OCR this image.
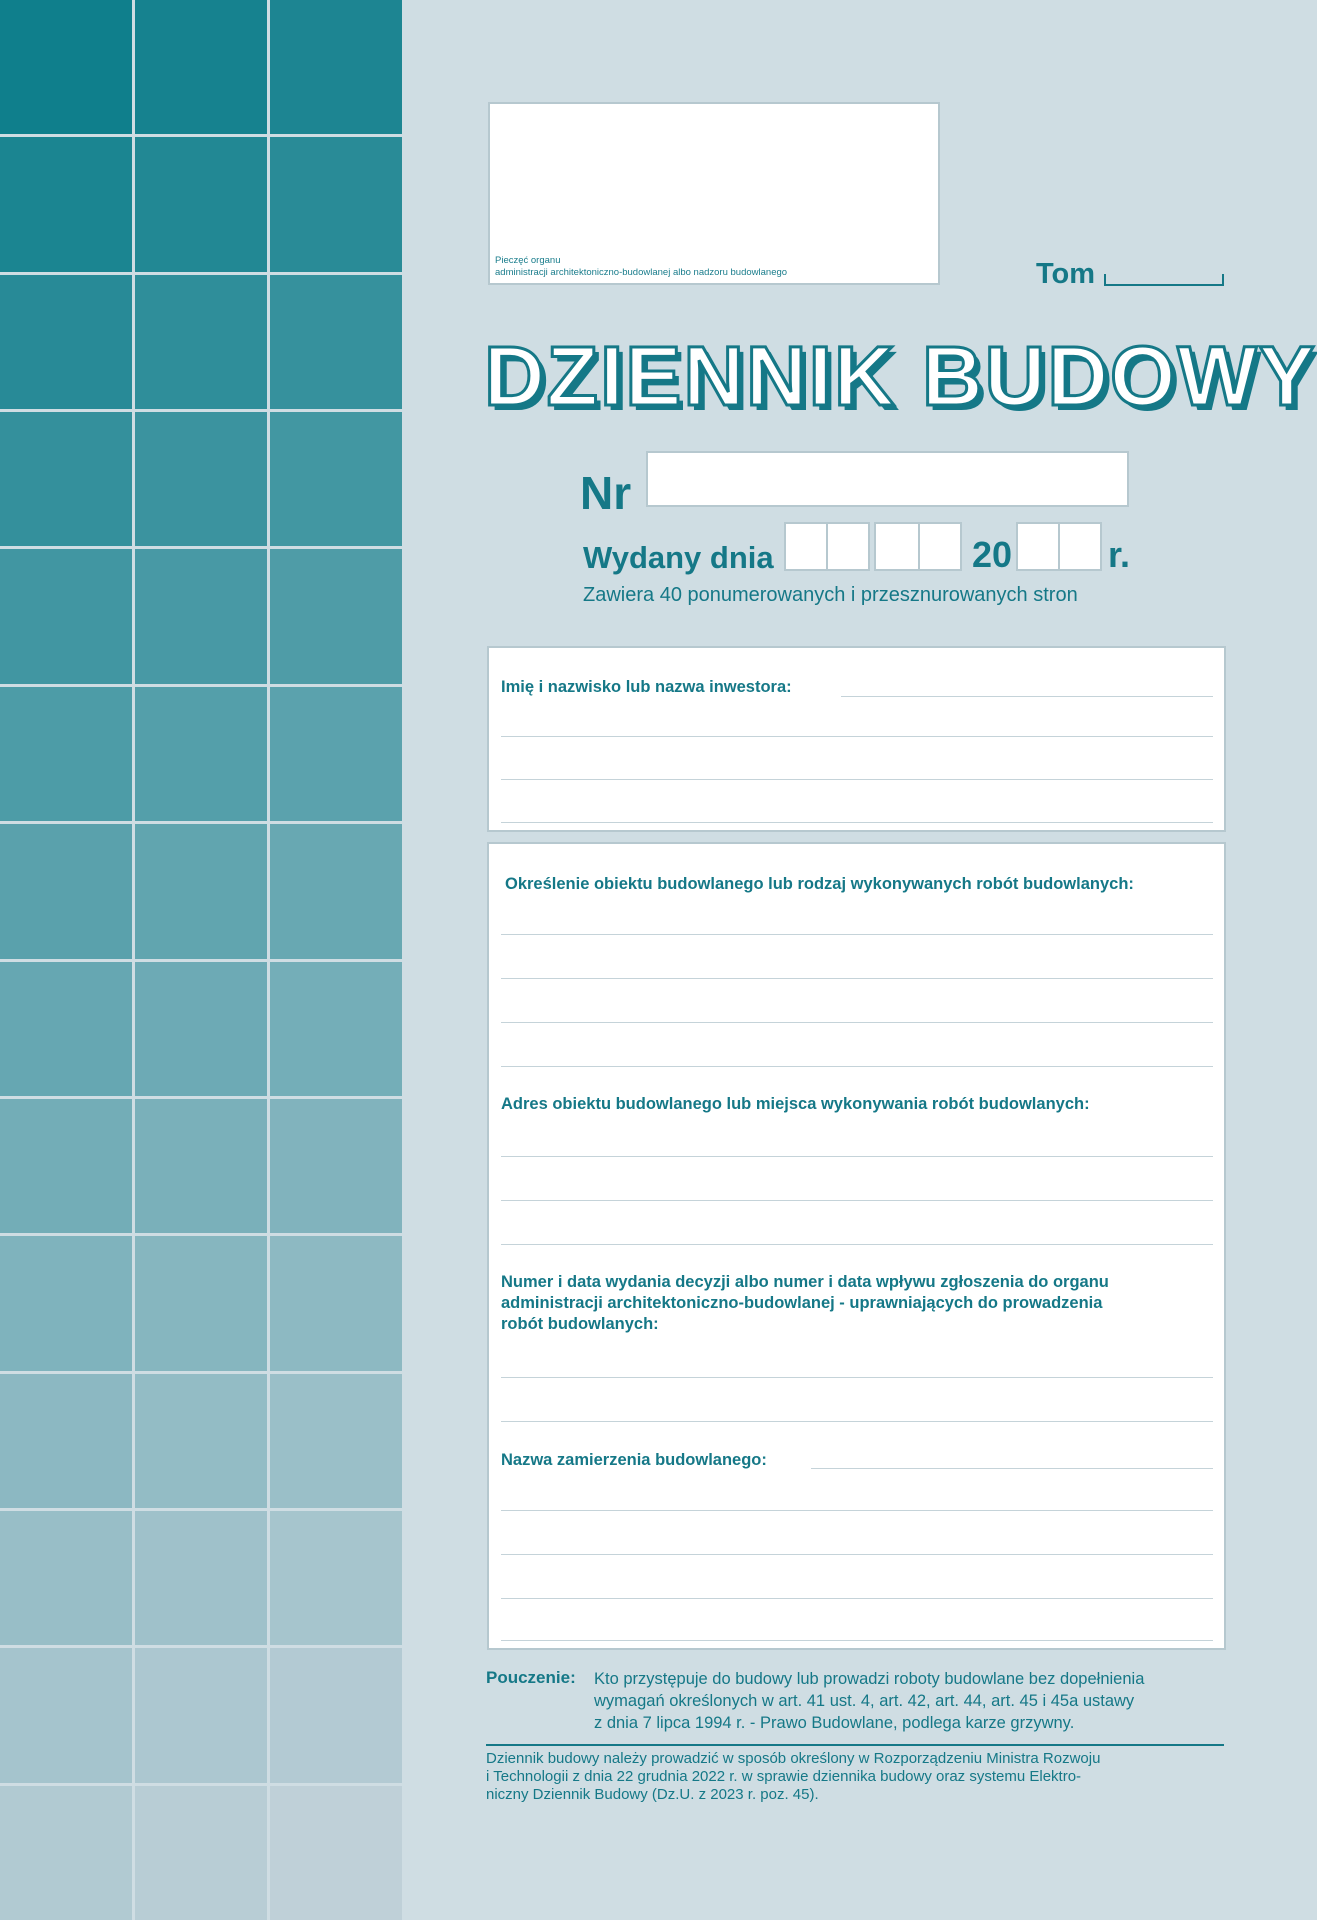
Pieczęć organu
administracji architektoniczno-budowlanej albo nadzoru budowlanego	Tom
DZIENNIK BUDOWY
Nr
Wydany dnia	20	r.
Zawiera 40 ponumerowanych i przesznurowanych stron
Imię i nazwisko lub nazwa inwestora:
Określenie obiektu budowlanego lub rodzaj wykonywanych robót budowlanych:
Adres obiektu budowlanego lub miejsca wykonywania robót budowlanych:
Numer i data wydania decyzji albo numer i data wpływu zgłoszenia do organu
administracji architektoniczno-budowlanej - uprawniających do prowadzenia
robót budowlanych:
Nazwa zamierzenia budowlanego:
Pouczenie: Kto przystępuje do budowy lub prowadzi roboty budowlane bez dopełnienia
wymagań określonych w art. 41 ust. 4, art. 42, art. 44, art. 45 i 45a ustawy
z dnia 7 lipca 1994 r. - Prawo Budowlane, podlega karze grzywny.
Dziennik budowy należy prowadzić w sposób określony w Rozporządzeniu Ministra Rozwoju
i Technologii z dnia 22 grudnia 2022 r. w sprawie dziennika budowy oraz systemu Elektro-
niczny Dziennik Budowy (Dz.U. z 2023 r. poz. 45).
